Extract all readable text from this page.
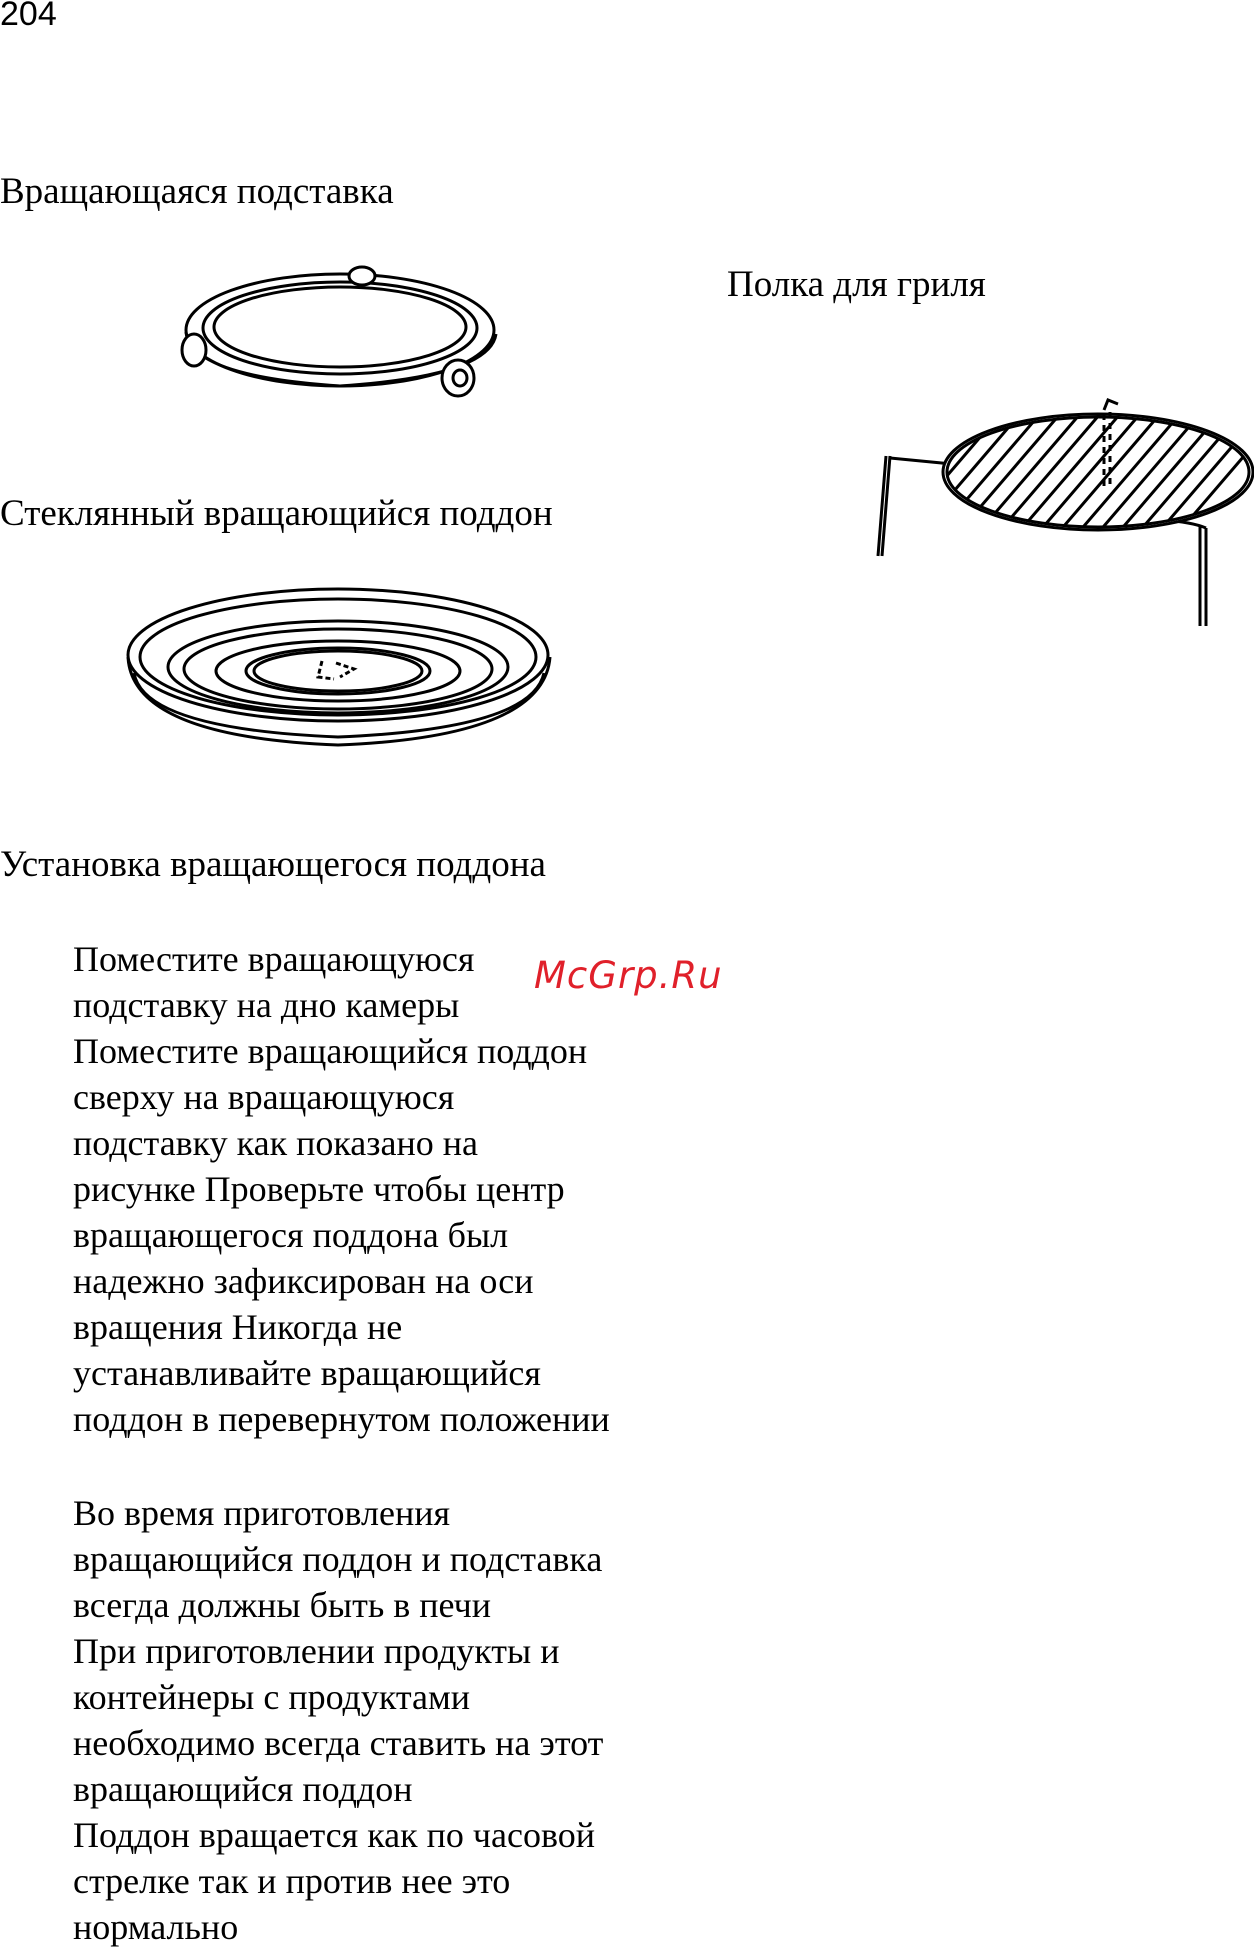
204
Вращающаяся подставка
Полка для гриля
Стеклянный вращающийся поддон
Установка вращающегося поддона
McGrp.Ru
Поместите вращающуюся
подставку на дно камеры
Поместите вращающийся поддон
сверху на вращающуюся
подставку как показано на
рисунке Проверьте чтобы центр
вращающегося поддона был
надежно зафиксирован на оси
вращения Никогда не
устанавливайте вращающийся
поддон в перевернутом положении
Во время приготовления
вращающийся поддон и подставка
всегда должны быть в печи
При приготовлении продукты и
контейнеры с продуктами
необходимо всегда ставить на этот
вращающийся поддон
Поддон вращается как по часовой
стрелке так и против нее это
нормально
